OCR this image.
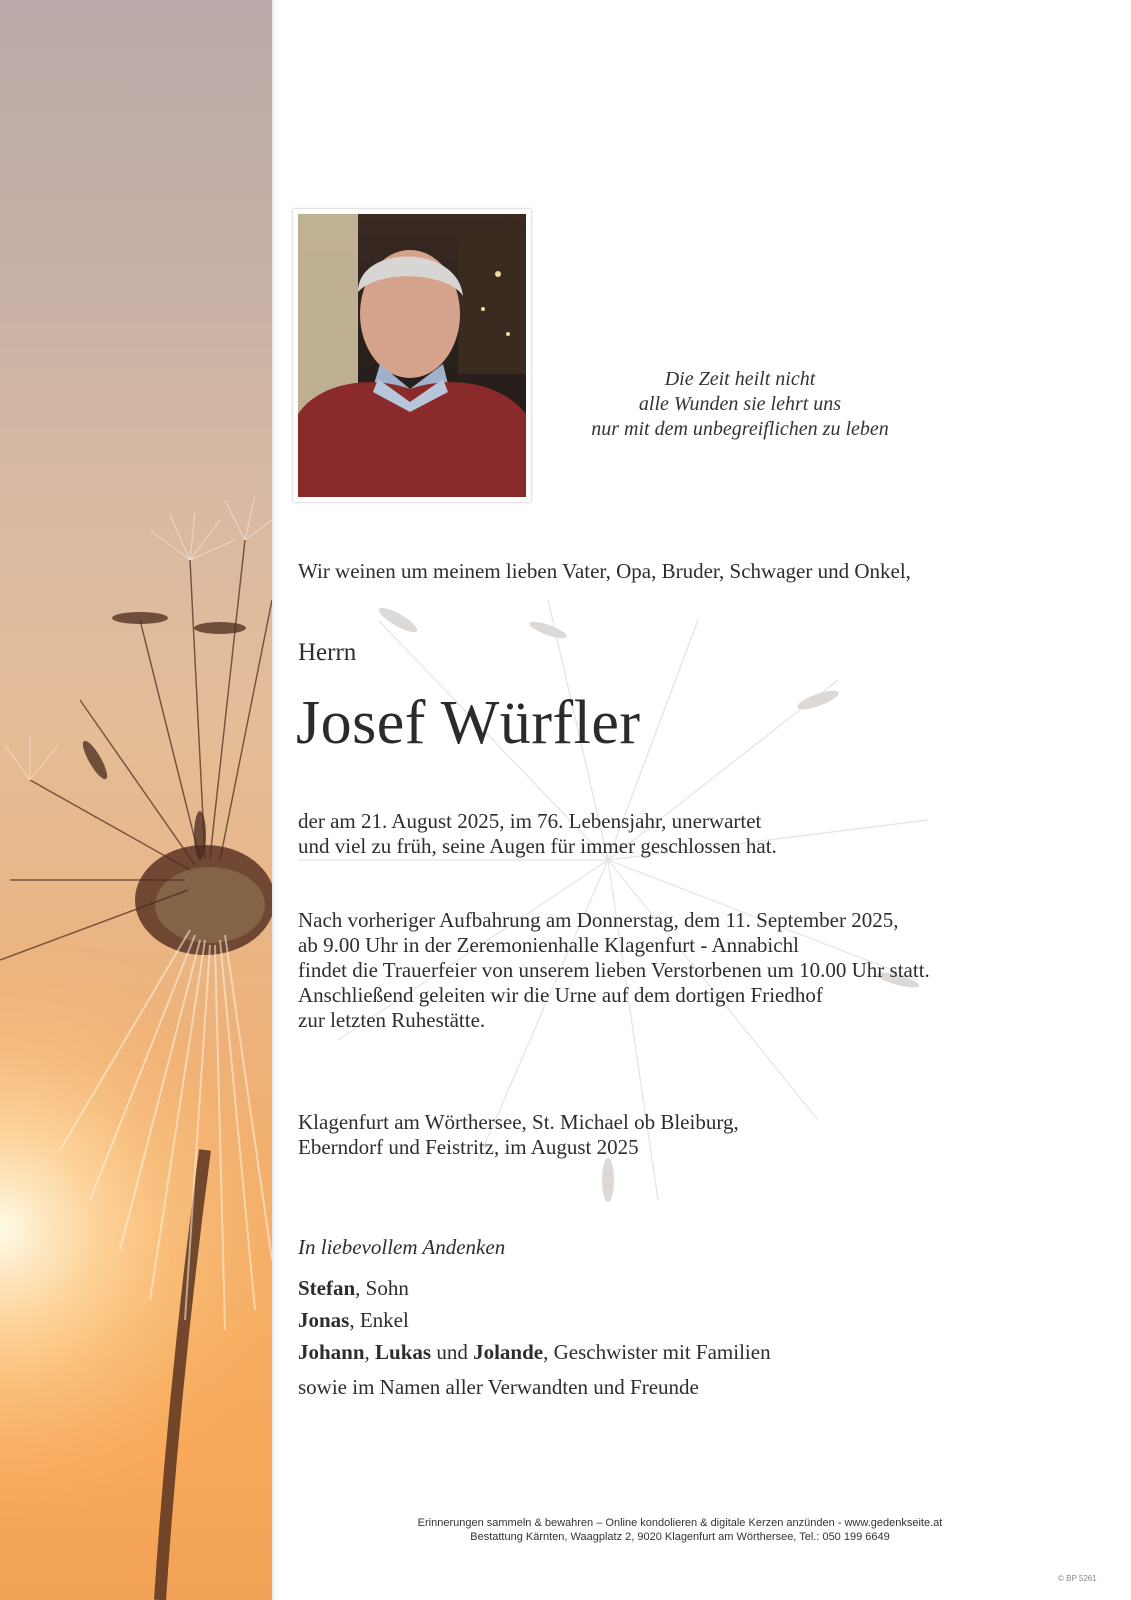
Die Zeit heilt nicht
alle Wunden sie lehrt uns
nur mit dem unbegreiflichen zu leben
Wir weinen um meinem lieben Vater, Opa, Bruder, Schwager und Onkel,
Herrn
Josef Würfler
der am 21. August 2025, im 76. Lebensjahr, unerwartet
und viel zu früh, seine Augen für immer geschlossen hat.
Nach vorheriger Aufbahrung am Donnerstag, dem 11. September 2025,
ab 9.00 Uhr in der Zeremonienhalle Klagenfurt - Annabichl
findet die Trauerfeier von unserem lieben Verstorbenen um 10.00 Uhr statt.
Anschließend geleiten wir die Urne auf dem dortigen Friedhof
zur letzten Ruhestätte.
Klagenfurt am Wörthersee, St. Michael ob Bleiburg,
Eberndorf und Feistritz, im August 2025
In liebevollem Andenken
Stefan, Sohn
Jonas, Enkel
Johann, Lukas und Jolande, Geschwister mit Familien
sowie im Namen aller Verwandten und Freunde
Erinnerungen sammeln & bewahren – Online kondolieren & digitale Kerzen anzünden - www.gedenkseite.at
Bestattung Kärnten, Waagplatz 2, 9020 Klagenfurt am Wörthersee, Tel.: 050 199 6649
© BP 5261
